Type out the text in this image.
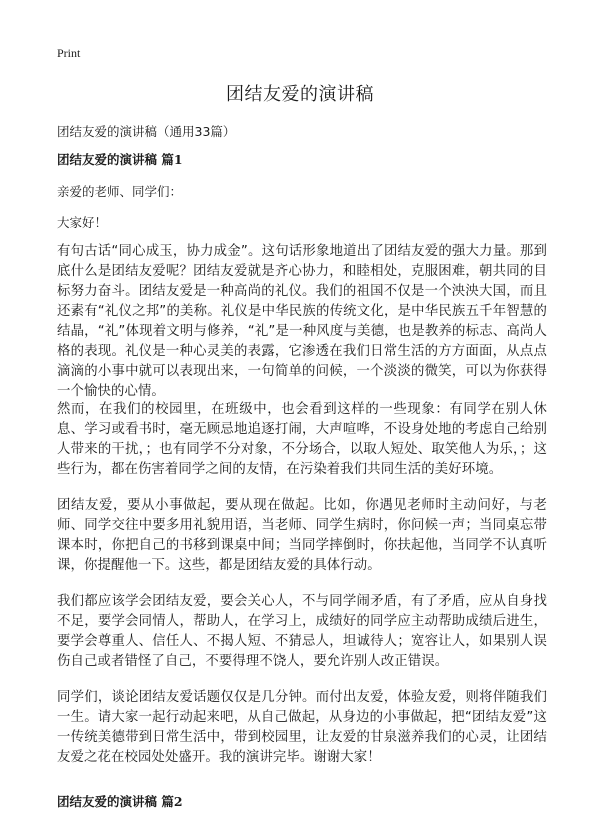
Print
团结友爱的演讲稿

团结友爱的演讲稿（通用33篇）

团结友爱的演讲稿 篇1

亲爱的老师、同学们：

大家好！

有句古话“同心成玉，协力成金”。这句话形象地道出了团结友爱的强大力量。那到底什么是团结友爱呢？团结友爱就是齐心协力，和睦相处，克服困难，朝共同的目标努力奋斗。团结友爱是一种高尚的礼仪。我们的祖国不仅是一个泱泱大国，而且还素有“礼仪之邦”的美称。礼仪是中华民族的传统文化，是中华民族五千年智慧的结晶，“礼”体现着文明与修养，“礼”是一种风度与美德，也是教养的标志、高尚人格的表现。礼仪是一种心灵美的表露，它渗透在我们日常生活的方方面面，从点点滴滴的小事中就可以表现出来，一句简单的问候，一个淡淡的微笑，可以为你获得一个愉快的心情。

然而，在我们的校园里，在班级中，也会看到这样的一些现象：有同学在别人休息、学习或看书时，毫无顾忌地追逐打闹，大声喧哗，不设身处地的考虑自己给别人带来的干扰，；也有同学不分对象，不分场合，以取人短处、取笑他人为乐，；这些行为，都在伤害着同学之间的友情，在污染着我们共同生活的美好环境。

团结友爱，要从小事做起，要从现在做起。比如，你遇见老师时主动问好，与老师、同学交往中要多用礼貌用语，当老师、同学生病时，你问候一声；当同桌忘带课本时，你把自己的书移到课桌中间；当同学摔倒时，你扶起他，当同学不认真听课，你提醒他一下。这些，都是团结友爱的具体行动。

我们都应该学会团结友爱，要会关心人，不与同学闹矛盾，有了矛盾，应从自身找不足，要学会同情人，帮助人，在学习上，成绩好的同学应主动帮助成绩后进生，要学会尊重人、信任人、不揭人短、不猜忌人，坦诚待人；宽容让人，如果别人误伤自己或者错怪了自己，不要得理不饶人，要允许别人改正错误。

同学们，谈论团结友爱话题仅仅是几分钟。而付出友爱，体验友爱，则将伴随我们一生。请大家一起行动起来吧，从自己做起，从身边的小事做起，把“团结友爱”这一传统美德带到日常生活中，带到校园里，让友爱的甘泉滋养我们的心灵，让团结友爱之花在校园处处盛开。我的演讲完毕。谢谢大家！

团结友爱的演讲稿 篇2
